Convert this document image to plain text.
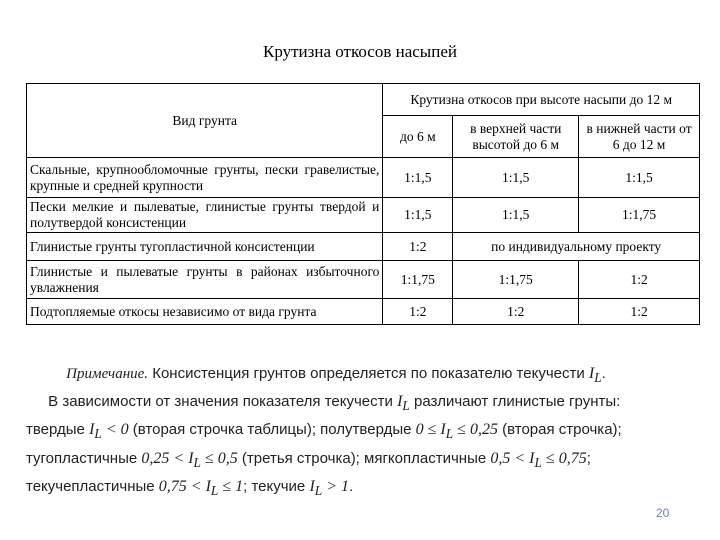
Крутизна откосов насыпей
Вид грунта	Крутизна откосов при высоте насыпи до 12 м		
	до 6 м	в верхней части высотой до 6 м	в нижней части от 6 до 12 м
Скальные, крупнообломочные грунты, пески гравелистые, крупные и средней крупности	1:1,5	1:1,5	1:1,5
Пески мелкие и пылеватые, глинистые грунты твердой и полутвердой консистенции	1:1,5	1:1,5	1:1,75
Глинистые грунты тугопластичной консистенции	1:2	по индивидуальному проекту	
Глинистые и пылеватые грунты в районах избыточного увлажнения	1:1,75	1:1,75	1:2
Подтопляемые откосы независимо от вида грунта	1:2	1:2	1:2

Примечание. Консистенция грунтов определяется по показателю текучести $I_L$.

В зависимости от значения показателя текучести $I_L$ различают глинистые грунты:

твердые $I_L < 0$ (вторая строчка таблицы); полутвердые $0 \le I_L \le 0,25$ (вторая строчка);

тугопластичные $0,25 < I_L \le 0,5$ (третья строчка); мягкопластичные $0,5 < I_L \le 0,75$;

текучепластичные $0,75 < I_L \le 1$; текучие $I_L > 1$.

20
